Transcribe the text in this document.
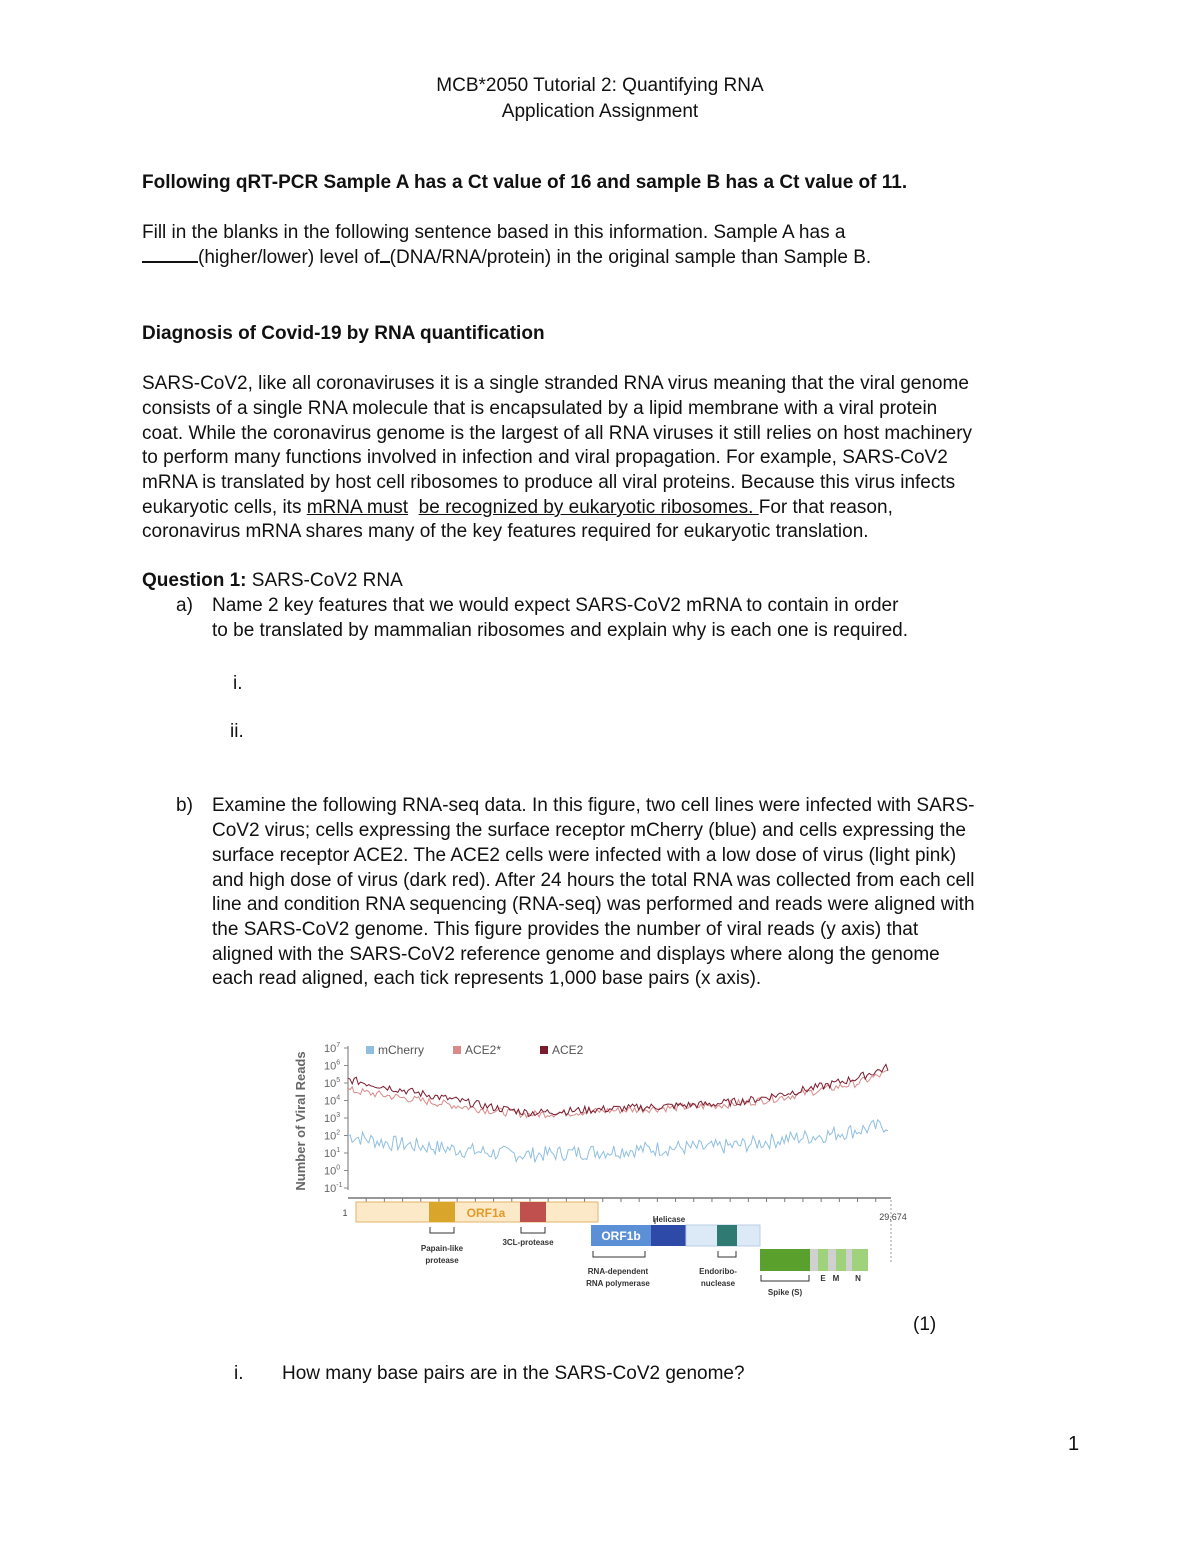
MCB*2050 Tutorial 2: Quantifying RNA
Application Assignment
Following qRT-PCR Sample A has a Ct value of 16 and sample B has a Ct value of 11.
Fill in the blanks in the following sentence based in this information. Sample A has a
(higher/lower) level of (DNA/RNA/protein) in the original sample than Sample B.
Diagnosis of Covid-19 by RNA quantification
SARS-CoV2, like all coronaviruses it is a single stranded RNA virus meaning that the viral genome
consists of a single RNA molecule that is encapsulated by a lipid membrane with a viral protein
coat. While the coronavirus genome is the largest of all RNA viruses it still relies on host machinery
to perform many functions involved in infection and viral propagation. For example, SARS-CoV2
mRNA is translated by host cell ribosomes to produce all viral proteins. Because this virus infects
eukaryotic cells, its mRNA must be recognized by eukaryotic ribosomes. For that reason,
coronavirus mRNA shares many of the key features required for eukaryotic translation.
Question 1: SARS-CoV2 RNA
a) Name 2 key features that we would expect SARS-CoV2 mRNA to contain in order
to be translated by mammalian ribosomes and explain why is each one is required.
i.
ii.
b) Examine the following RNA-seq data. In this figure, two cell lines were infected with SARS-
CoV2 virus; cells expressing the surface receptor mCherry (blue) and cells expressing the
surface receptor ACE2. The ACE2 cells were infected with a low dose of virus (light pink)
and high dose of virus (dark red). After 24 hours the total RNA was collected from each cell
line and condition RNA sequencing (RNA-seq) was performed and reads were aligned with
the SARS-CoV2 genome. This figure provides the number of viral reads (y axis) that
aligned with the SARS-CoV2 reference genome and displays where along the genome
each read aligned, each tick represents 1,000 base pairs (x axis).
Number of Viral Reads
$10^7$
$10^6$
$10^5$
$10^4$
$10^3$
$10^2$
$10^1$
$10^0$
$10^{-1}$
mCherry	ACE2*	ACE2
1	29,674
ORF1a
ORF1b
Helicase
Papain-like
protease
3CL-protease
RNA-dependent
RNA polymerase
Endoribo-
nuclease
Spike (S)
E M N
(1)
i. How many base pairs are in the SARS-CoV2 genome?
1
